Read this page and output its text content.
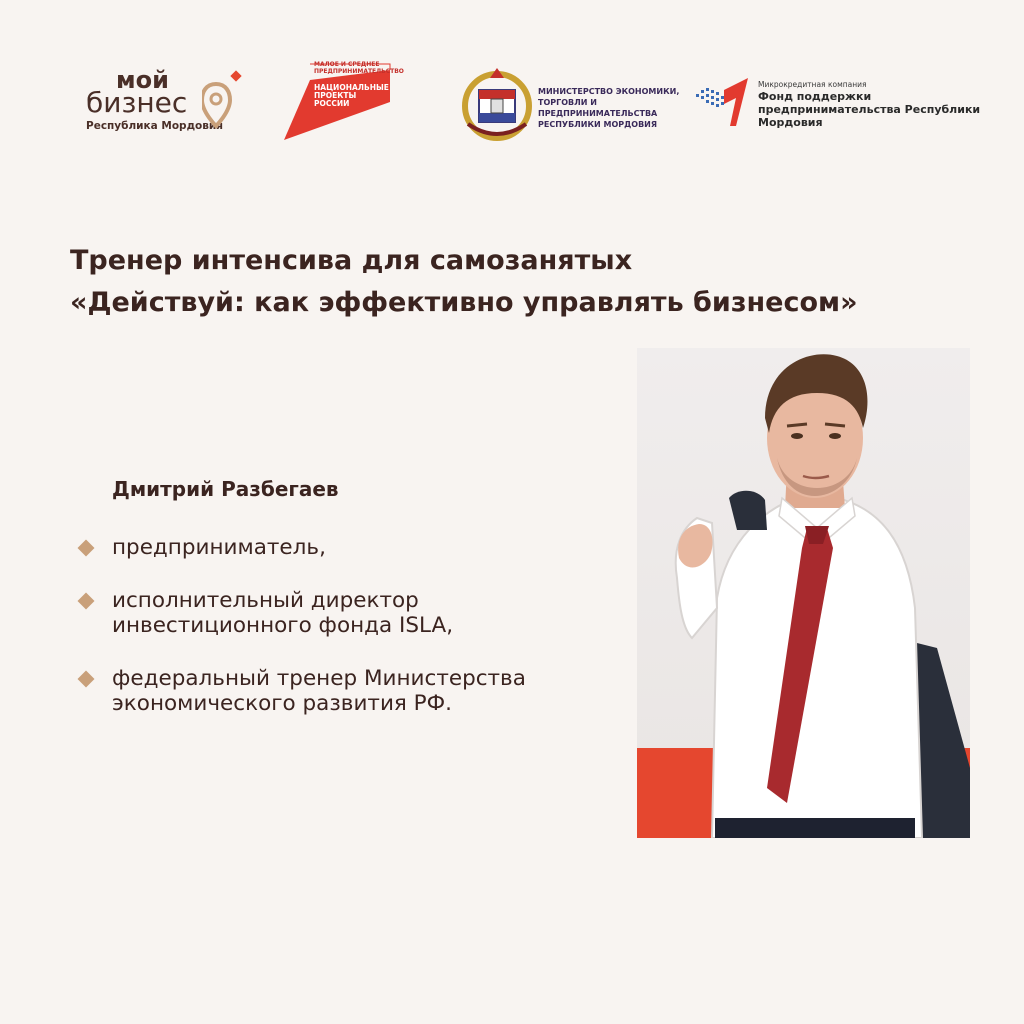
мой
бизнес
Республика Мордовия
МАЛОЕ И СРЕДНЕЕ ПРЕДПРИНИМАТЕЛЬСТВО
НАЦИОНАЛЬНЫЕ ПРОЕКТЫ РОССИИ
МИНИСТЕРСТВО ЭКОНОМИКИ, ТОРГОВЛИ И ПРЕДПРИНИМАТЕЛЬСТВА РЕСПУБЛИКИ МОРДОВИЯ
Микрокредитная компания
Фонд поддержки предпринимательства Республики Мордовия
Тренер интенсива для самозанятых
«Действуй: как эффективно управлять бизнесом»
Дмитрий Разбегаев
предприниматель,
исполнительный директор
инвестиционного фонда ISLA,
федеральный тренер Министерства
экономического развития РФ.
